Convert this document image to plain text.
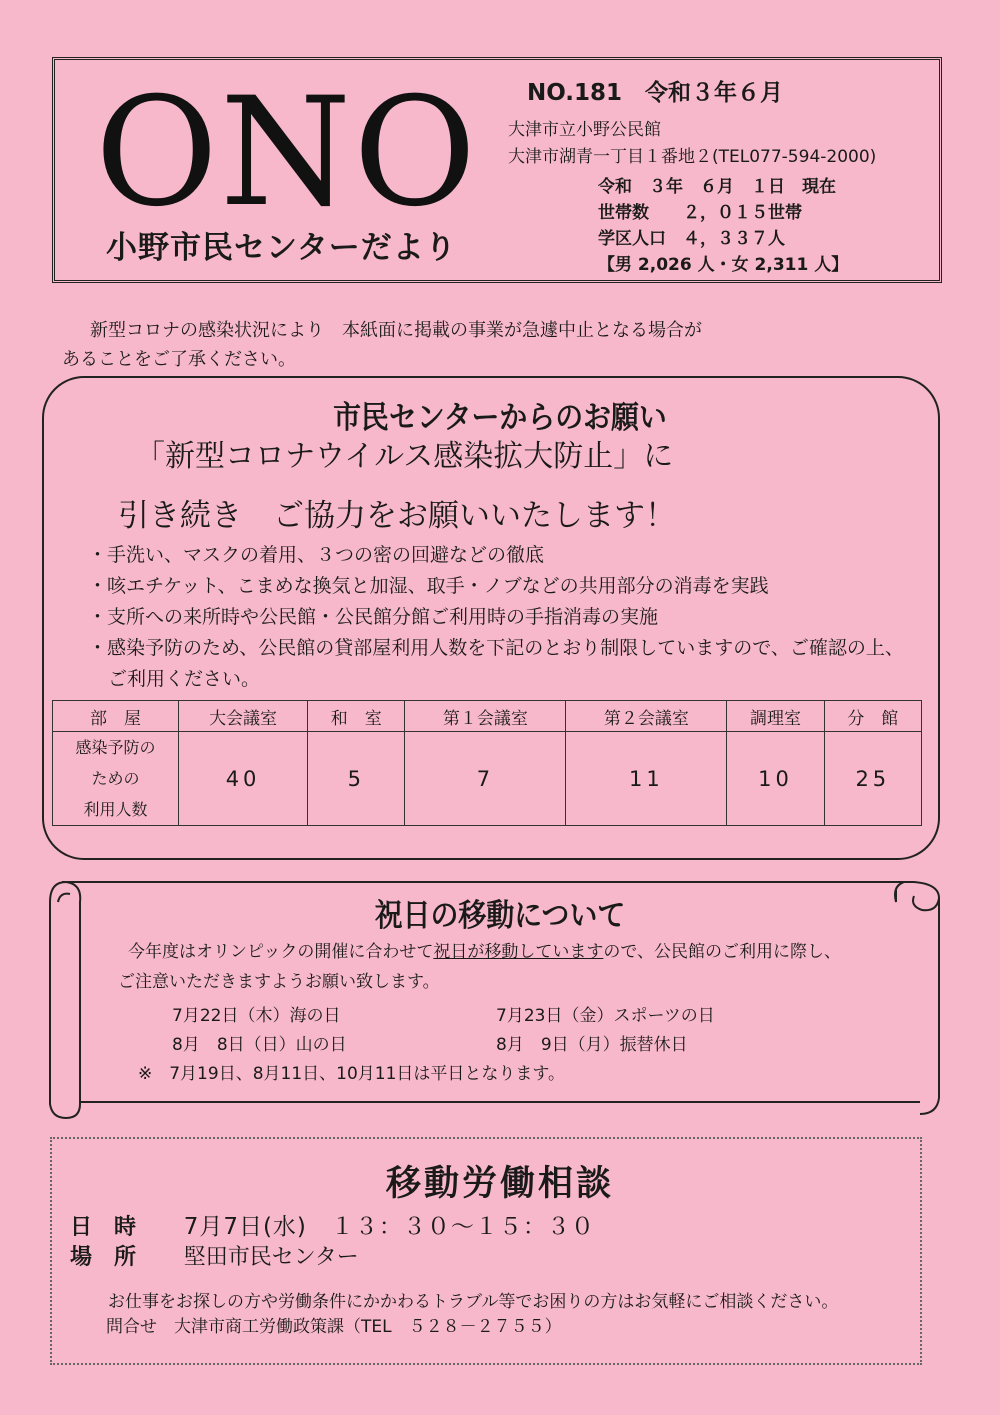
ONO
小野市民センターだより
NO.181　令和３年６月
大津市立小野公民館
大津市湖青一丁目１番地２(TEL077-594-2000)
令和　３年　６月　１日　現在
世帯数　　２，０１５世帯
学区人口　４，３３７人
【男 2,026 人・女 2,311 人】

新型コロナの感染状況により　本紙面に掲載の事業が急遽中止となる場合が

あることをご了承ください。

市民センターからのお願い
「新型コロナウイルス感染拡大防止」に
引き続き　ご協力をお願いいたします！
・手洗い、マスクの着用、３つの密の回避などの徹底
・咳エチケット、こまめな換気と加湿、取手・ノブなどの共用部分の消毒を実践
・支所への来所時や公民館・公民館分館ご利用時の手指消毒の実施
・感染予防のため、公民館の貸部屋利用人数を下記のとおり制限していますので、ご確認の上、ご利用ください。
部　屋	大会議室	和　室	第１会議室	第２会議室	調理室	分　館

感染予防の
ための
利用人数	40	5	7	11	10	25
祝日の移動について
今年度はオリンピックの開催に合わせて祝日が移動していますので、公民館のご利用に際し、
ご注意いただきますようお願い致します。
7月22日（木）海の日	7月23日（金）スポーツの日
8月　8日（日）山の日	8月　9日（月）振替休日
※　7月19日、8月11日、10月11日は平日となります。
移動労働相談
日　時 7月7日(水)　１３：３０～１５：３０
場　所 堅田市民センター
お仕事をお探しの方や労働条件にかかわるトラブル等でお困りの方はお気軽にご相談ください。
問合せ　大津市商工労働政策課（TEL　５２８－２７５５）
